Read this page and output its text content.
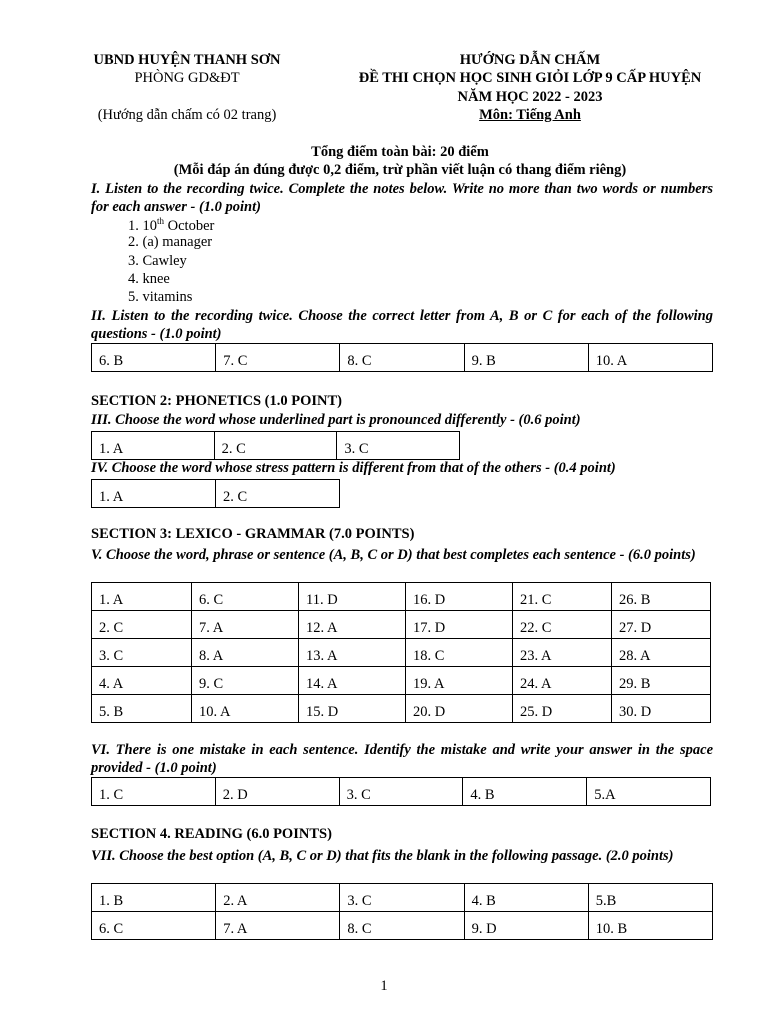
UBND HUYỆN THANH SƠN
PHÒNG GD&ĐT
(Hướng dẫn chấm có 02 trang)
HƯỚNG DẪN CHẤM
ĐỀ THI CHỌN HỌC SINH GIỎI LỚP 9 CẤP HUYỆN
NĂM HỌC 2022 - 2023
Môn: Tiếng Anh
Tổng điểm toàn bài: 20 điểm
(Mỗi đáp án đúng được 0,2 điểm, trừ phần viết luận có thang điểm riêng)
I. Listen to the recording twice. Complete the notes below. Write no more than two words or numbers for each answer - (1.0 point)
1. 10th October
2. (a) manager
3. Cawley
4. knee
5. vitamins
II. Listen to the recording twice. Choose the correct letter from A, B or C for each of the following questions - (1.0 point)
6. B	7. C	8. C	9. B	10. A
SECTION 2: PHONETICS (1.0 POINT)
III. Choose the word whose underlined part is pronounced differently - (0.6 point)
1. A	2. C	3. C
IV. Choose the word whose stress pattern is different from that of the others - (0.4 point)
1. A	2. C
SECTION 3: LEXICO - GRAMMAR (7.0 POINTS)
V. Choose the word, phrase or sentence (A, B, C or D) that best completes each sentence - (6.0 points)
1. A	6. C	11. D	16. D	21. C	26. B
2. C	7. A	12. A	17. D	22. C	27. D
3. C	8. A	13. A	18. C	23. A	28. A
4. A	9. C	14. A	19. A	24. A	29. B
5. B	10. A	15. D	20. D	25. D	30. D
VI. There is one mistake in each sentence. Identify the mistake and write your answer in the space provided - (1.0 point)
1. C	2. D	3. C	4. B	5.A
SECTION 4. READING (6.0 POINTS)
VII. Choose the best option (A, B, C or D) that fits the blank in the following passage. (2.0 points)
1. B	2. A	3. C	4. B	5.B
6. C	7. A	8. C	9. D	10. B
1
